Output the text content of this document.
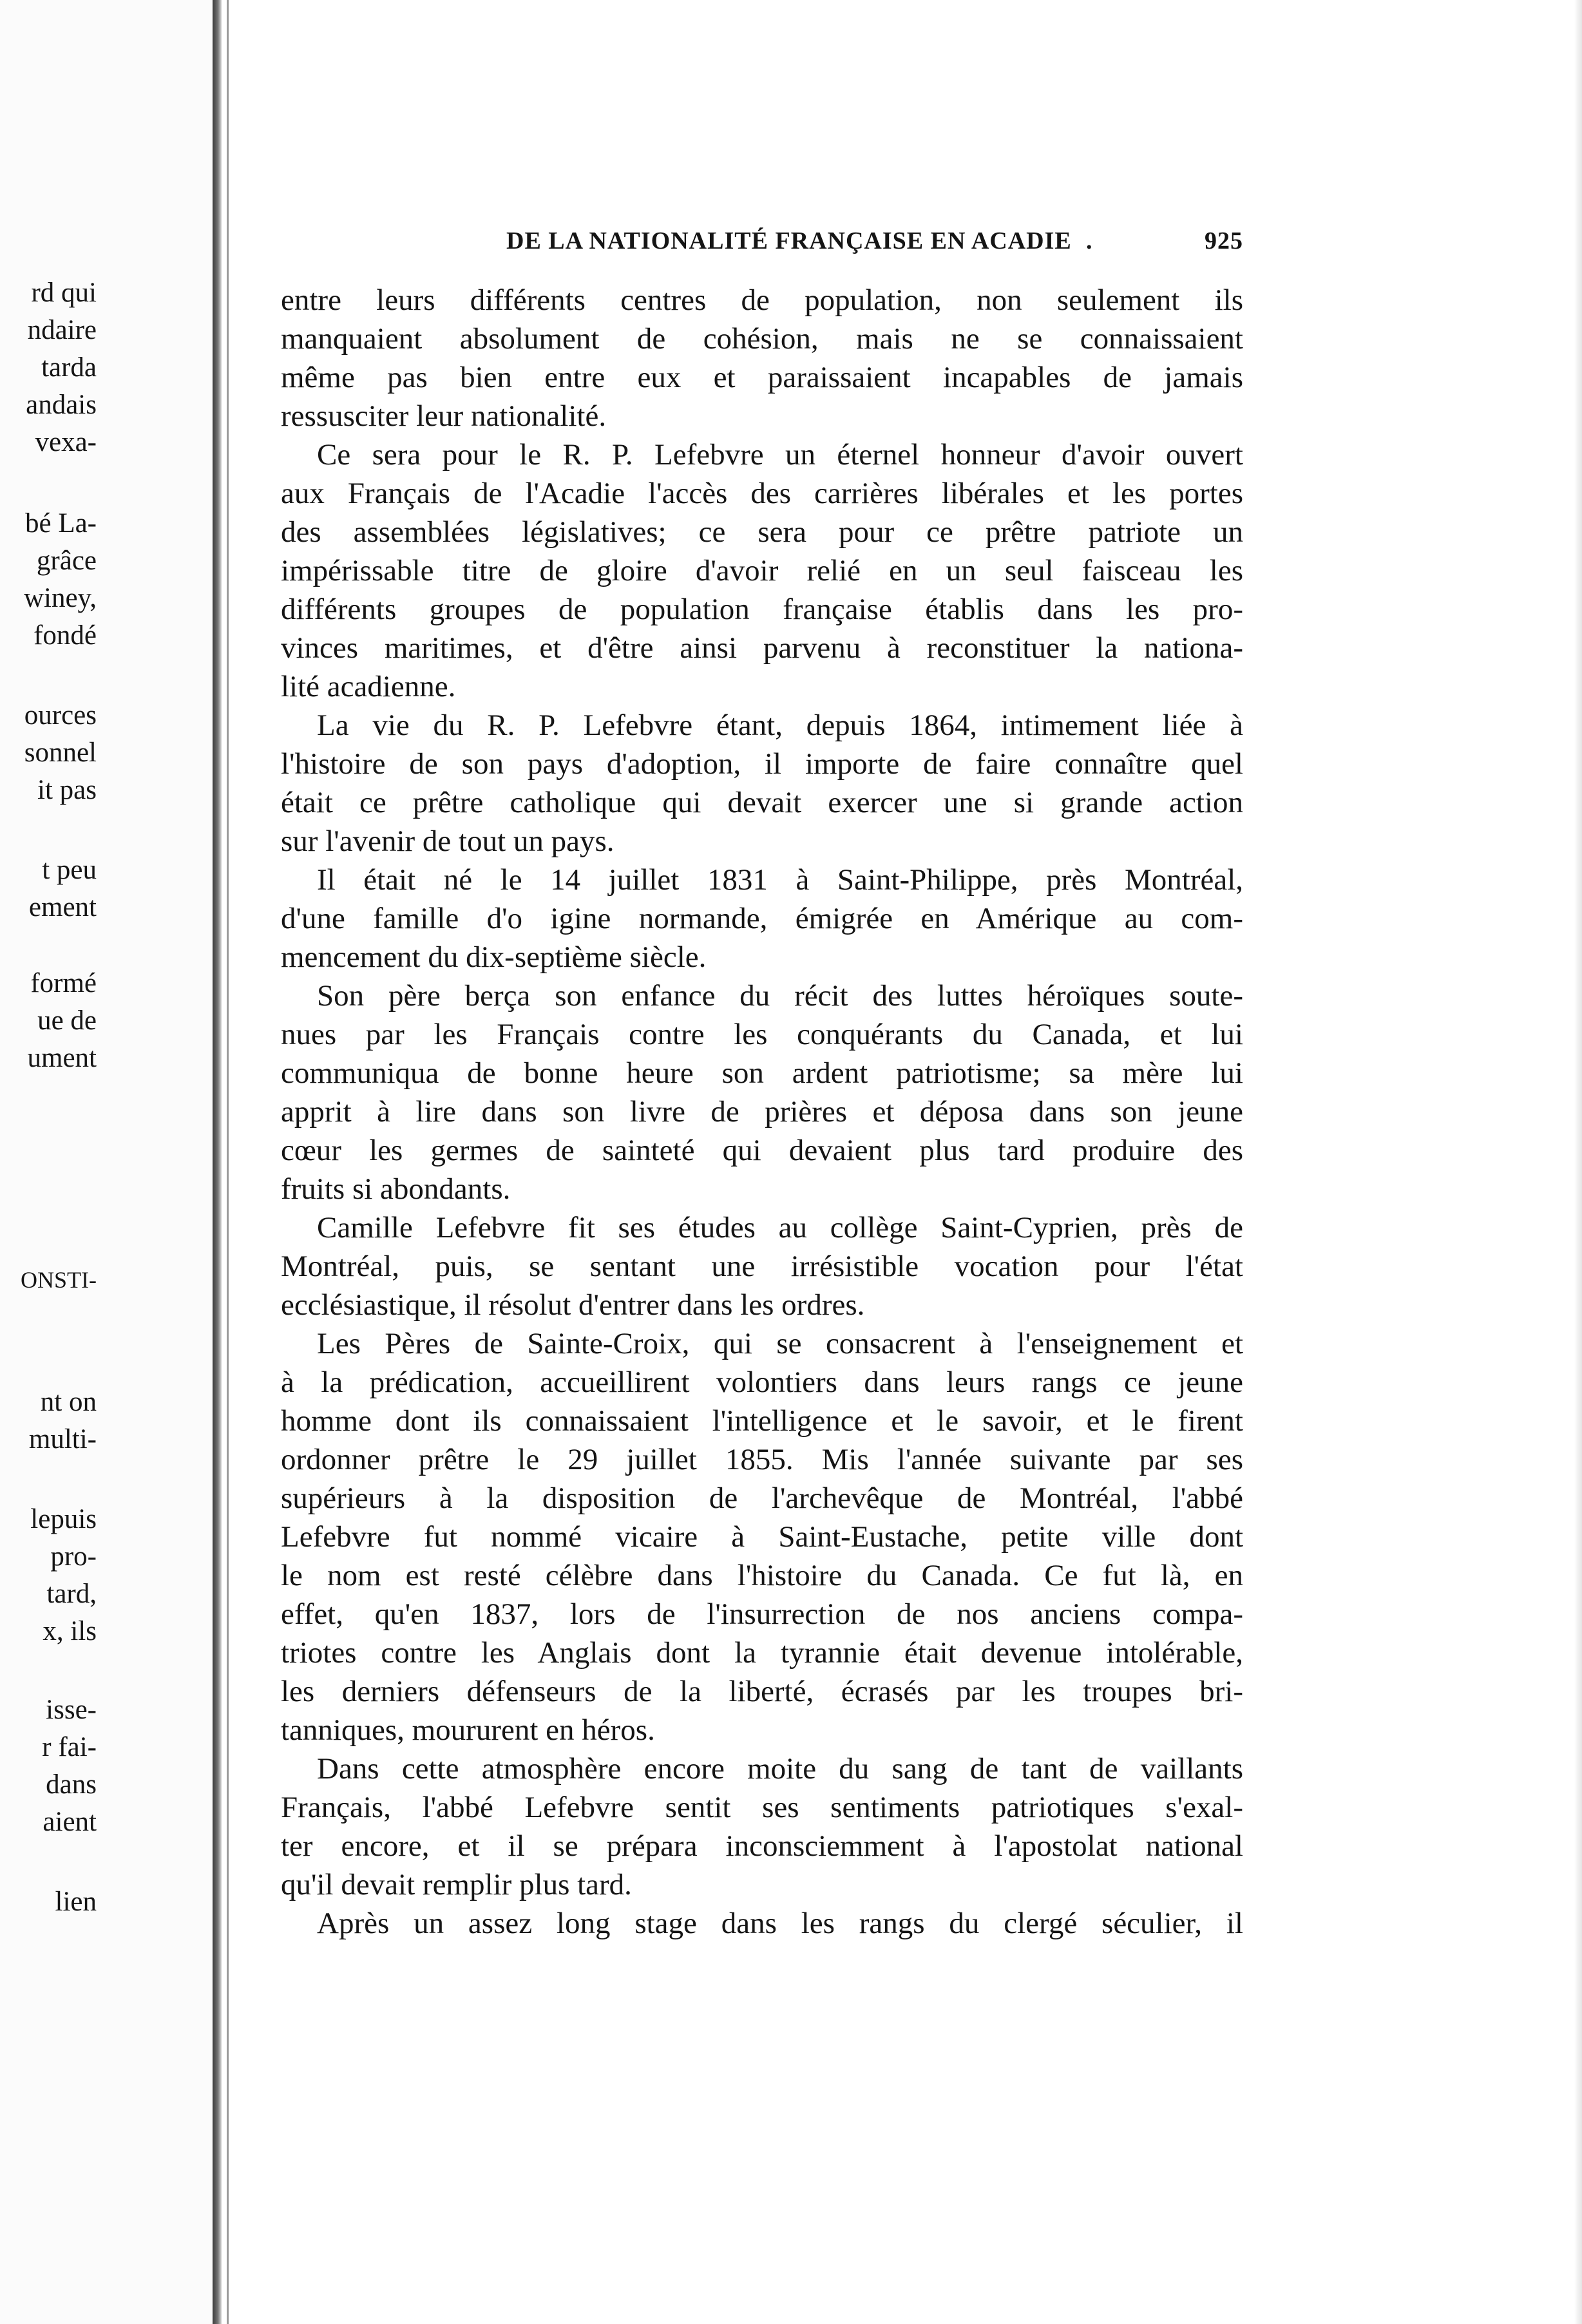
rd qui
ndaire
tarda
andais
vexa-
bé La-
grâce
winey,
fondé
ources
sonnel
it pas
t peu
ement
formé
ue de
ument
ONSTI-
nt on
multi-
lepuis
pro-
tard,
x, ils
isse-
r fai-
dans
aient
lien
DE LA NATIONALITÉ FRANÇAISE EN ACADIE .	925
entre leurs différents centres de population, non seulement ils
manquaient absolument de cohésion, mais ne se connaissaient
même pas bien entre eux et paraissaient incapables de jamais
ressusciter leur nationalité.
Ce sera pour le R. P. Lefebvre un éternel honneur d'avoir ouvert
aux Français de l'Acadie l'accès des carrières libérales et les portes
des assemblées législatives; ce sera pour ce prêtre patriote un
impérissable titre de gloire d'avoir relié en un seul faisceau les
différents groupes de population française établis dans les pro-
vinces maritimes, et d'être ainsi parvenu à reconstituer la nationa-
lité acadienne.
La vie du R. P. Lefebvre étant, depuis 1864, intimement liée à
l'histoire de son pays d'adoption, il importe de faire connaître quel
était ce prêtre catholique qui devait exercer une si grande action
sur l'avenir de tout un pays.
Il était né le 14 juillet 1831 à Saint-Philippe, près Montréal,
d'une famille d'o igine normande, émigrée en Amérique au com-
mencement du dix-septième siècle.
Son père berça son enfance du récit des luttes héroïques soute-
nues par les Français contre les conquérants du Canada, et lui
communiqua de bonne heure son ardent patriotisme; sa mère lui
apprit à lire dans son livre de prières et déposa dans son jeune
cœur les germes de sainteté qui devaient plus tard produire des
fruits si abondants.
Camille Lefebvre fit ses études au collège Saint-Cyprien, près de
Montréal, puis, se sentant une irrésistible vocation pour l'état
ecclésiastique, il résolut d'entrer dans les ordres.
Les Pères de Sainte-Croix, qui se consacrent à l'enseignement et
à la prédication, accueillirent volontiers dans leurs rangs ce jeune
homme dont ils connaissaient l'intelligence et le savoir, et le firent
ordonner prêtre le 29 juillet 1855. Mis l'année suivante par ses
supérieurs à la disposition de l'archevêque de Montréal, l'abbé
Lefebvre fut nommé vicaire à Saint-Eustache, petite ville dont
le nom est resté célèbre dans l'histoire du Canada. Ce fut là, en
effet, qu'en 1837, lors de l'insurrection de nos anciens compa-
triotes contre les Anglais dont la tyrannie était devenue intolérable,
les derniers défenseurs de la liberté, écrasés par les troupes bri-
tanniques, moururent en héros.
Dans cette atmosphère encore moite du sang de tant de vaillants
Français, l'abbé Lefebvre sentit ses sentiments patriotiques s'exal-
ter encore, et il se prépara inconsciemment à l'apostolat national
qu'il devait remplir plus tard.
Après un assez long stage dans les rangs du clergé séculier, il
